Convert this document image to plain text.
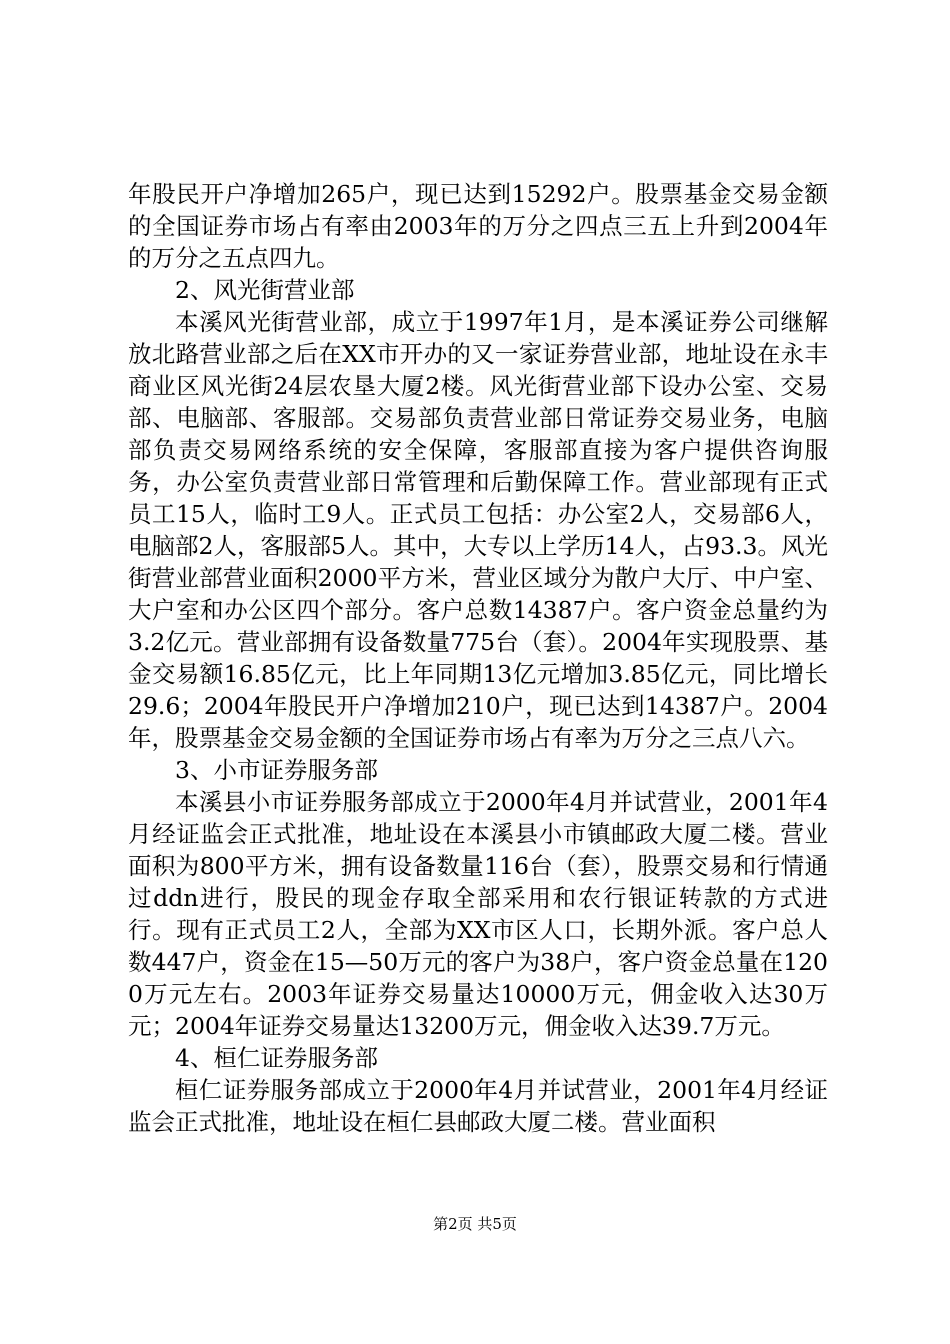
年股民开户净增加265户，现已达到15292户。股票基金交易金额的全国证券市场占有率由2003年的万分之四点三五上升到2004年的万分之五点四九。

2、风光街营业部

本溪风光街营业部，成立于1997年1月，是本溪证券公司继解放北路营业部之后在XX市开办的又一家证券营业部，地址设在永丰商业区风光街24层农垦大厦2楼。风光街营业部下设办公室、交易部、电脑部、客服部。交易部负责营业部日常证券交易业务，电脑部负责交易网络系统的安全保障，客服部直接为客户提供咨询服务，办公室负责营业部日常管理和后勤保障工作。营业部现有正式员工15人，临时工9人。正式员工包括：办公室2人，交易部6人，电脑部2人，客服部5人。其中，大专以上学历14人，占93.3。风光街营业部营业面积2000平方米，营业区域分为散户大厅、中户室、大户室和办公区四个部分。客户总数14387户。客户资金总量约为3.2亿元。营业部拥有设备数量775台（套）。2004年实现股票、基金交易额16.85亿元，比上年同期13亿元增加3.85亿元，同比增长29.6；2004年股民开户净增加210户，现已达到14387户。2004年，股票基金交易金额的全国证券市场占有率为万分之三点八六。

3、小市证券服务部

本溪县小市证券服务部成立于2000年4月并试营业，2001年4月经证监会正式批准，地址设在本溪县小市镇邮政大厦二楼。营业面积为800平方米，拥有设备数量116台（套），股票交易和行情通过ddn进行，股民的现金存取全部采用和农行银证转款的方式进行。现有正式员工2人，全部为XX市区人口，长期外派。客户总人数447户，资金在15—50万元的客户为38户，客户资金总量在1200万元左右。2003年证券交易量达10000万元，佣金收入达30万元；2004年证券交易量达13200万元，佣金收入达39.7万元。

4、桓仁证券服务部

桓仁证券服务部成立于2000年4月并试营业，2001年4月经证监会正式批准，地址设在桓仁县邮政大厦二楼。营业面积

第2页 共5页
